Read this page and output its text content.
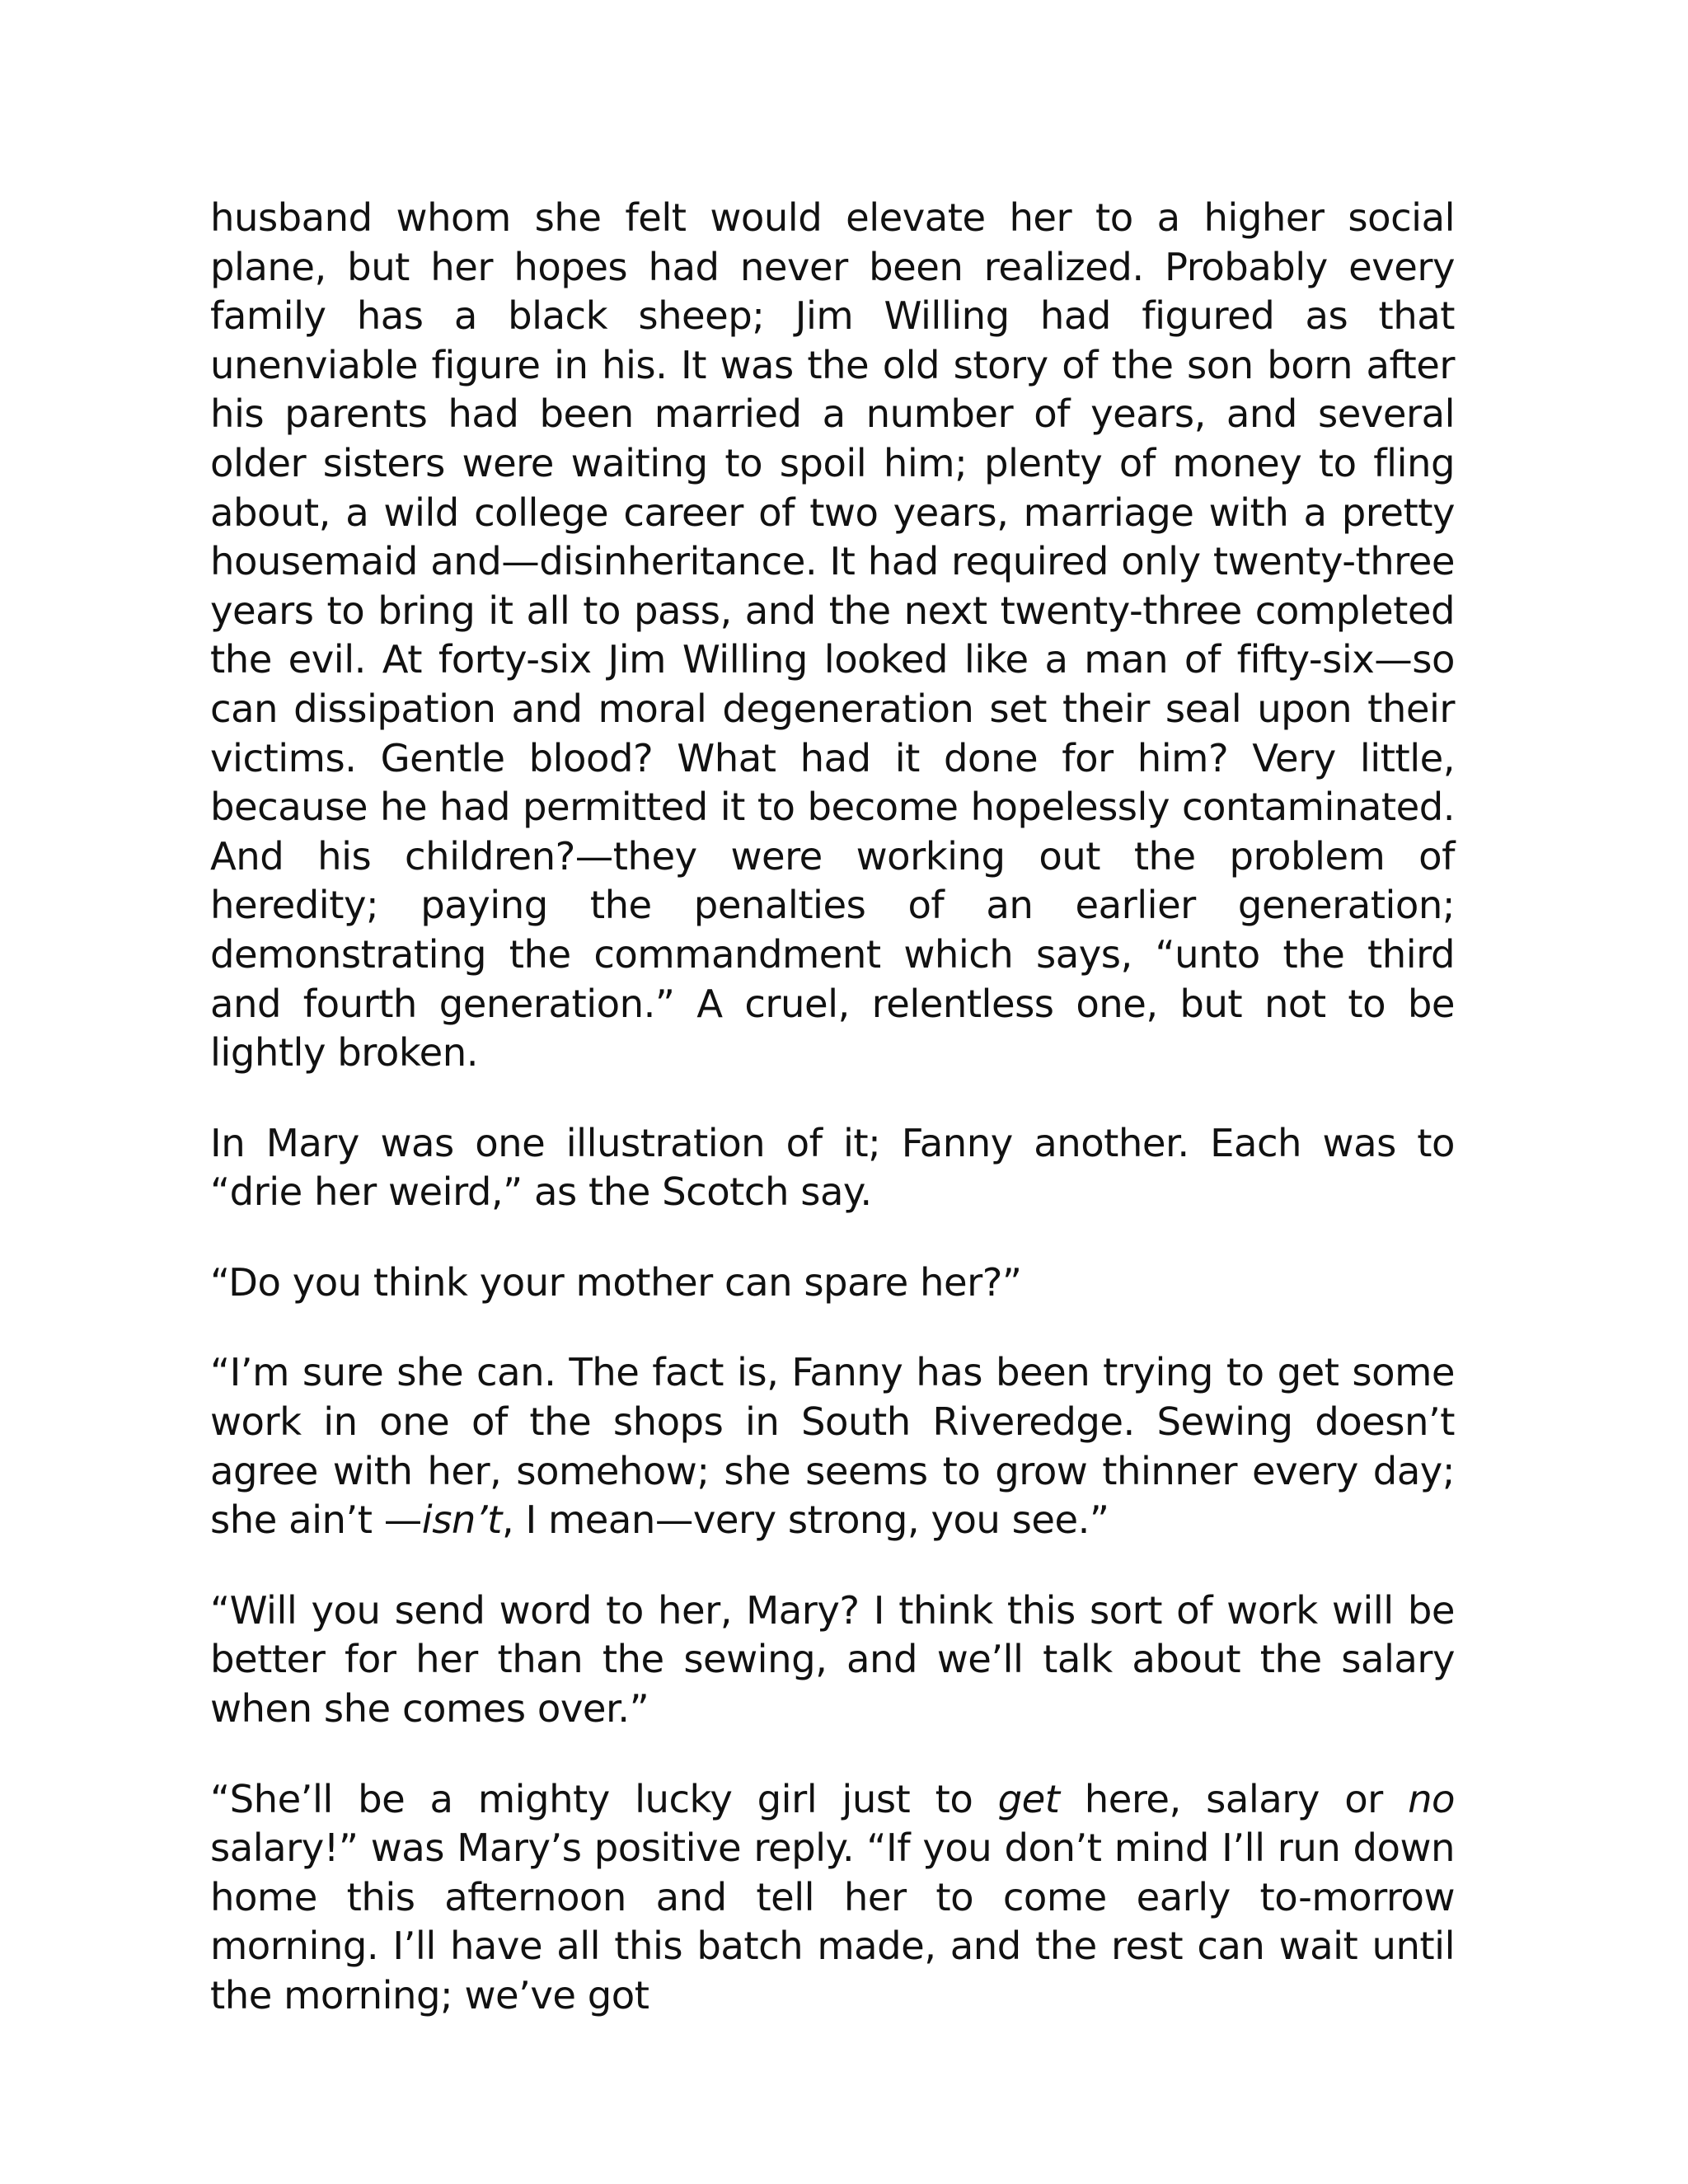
husband whom she felt would elevate her to a higher social plane, but her hopes had never been realized. Probably every family has a black sheep; Jim Willing had figured as that unenviable figure in his. It was the old story of the son born after his parents had been married a number of years, and several older sisters were waiting to spoil him; plenty of money to fling about, a wild college career of two years, marriage with a pretty housemaid and—disinheritance. It had required only twenty-three years to bring it all to pass, and the next twenty-three completed the evil. At forty-six Jim Willing looked like a man of fifty-six—so can dissipation and moral degeneration set their seal upon their victims. Gentle blood? What had it done for him? Very little, because he had permitted it to become hopelessly contaminated. And his children?—they were working out the problem of heredity; paying the penalties of an earlier generation; demonstrating the commandment which says, “unto the third and fourth generation.” A cruel, relentless one, but not to be lightly broken.

In Mary was one illustration of it; Fanny another. Each was to “drie her weird,” as the Scotch say.

“Do you think your mother can spare her?”

“I’m sure she can. The fact is, Fanny has been trying to get some work in one of the shops in South Riveredge. Sewing doesn’t agree with her, somehow; she seems to grow thinner every day; she ain’t —isn’t, I mean—very strong, you see.”

“Will you send word to her, Mary? I think this sort of work will be better for her than the sewing, and we’ll talk about the salary when she comes over.”

“She’ll be a mighty lucky girl just to get here, salary or no salary!” was Mary’s positive reply. “If you don’t mind I’ll run down home this afternoon and tell her to come early to-morrow morning. I’ll have all this batch made, and the rest can wait until the morning; we’ve got
